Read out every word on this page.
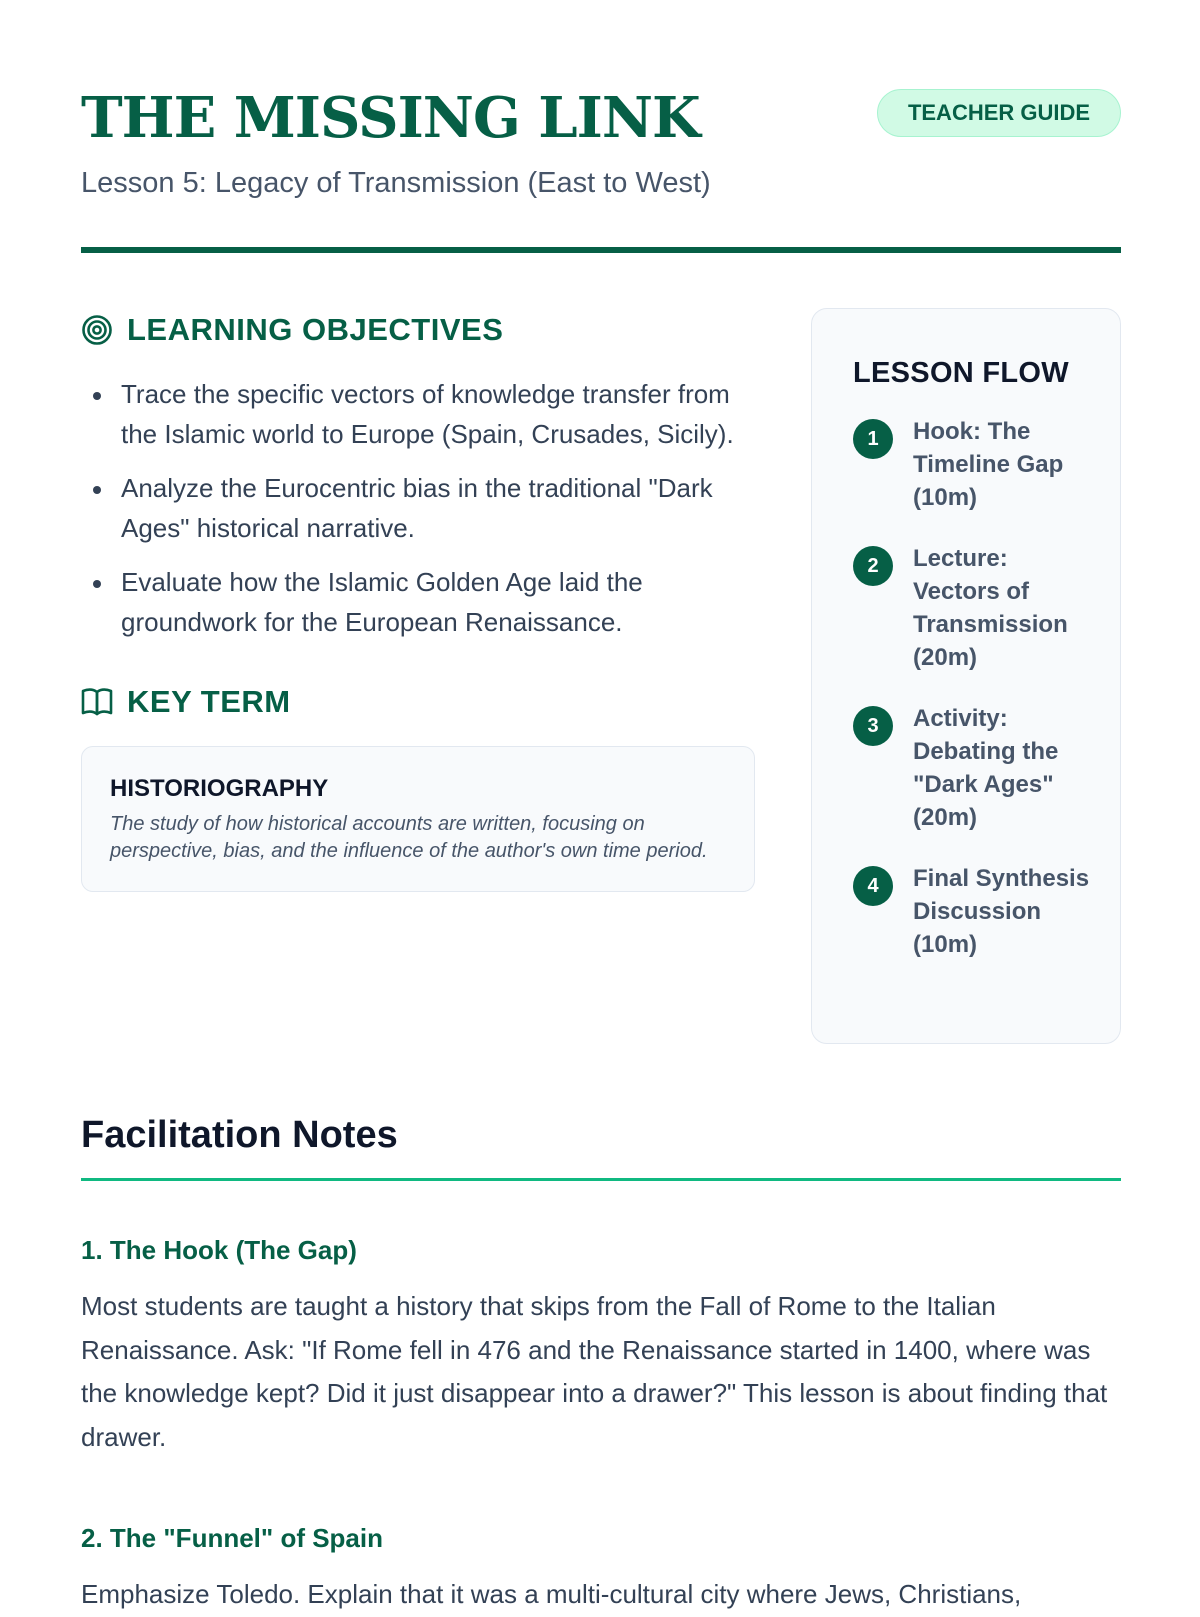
THE MISSING LINK
Lesson 5: Legacy of Transmission (East to West)
TEACHER GUIDE
LEARNING OBJECTIVES
Trace the specific vectors of knowledge transfer from the Islamic world to Europe (Spain, Crusades, Sicily).
Analyze the Eurocentric bias in the traditional "Dark Ages" historical narrative.
Evaluate how the Islamic Golden Age laid the groundwork for the European Renaissance.
KEY TERM
HISTORIOGRAPHY
The study of how historical accounts are written, focusing on perspective, bias, and the influence of the author's own time period.
LESSON FLOW
1	Hook: The Timeline Gap (10m)
2	Lecture: Vectors of Transmission (20m)
3	Activity: Debating the "Dark Ages" (20m)
4	Final Synthesis Discussion (10m)
Facilitation Notes
1. The Hook (The Gap)
Most students are taught a history that skips from the Fall of Rome to the Italian Renaissance. Ask: "If Rome fell in 476 and the Renaissance started in 1400, where was the knowledge kept? Did it just disappear into a drawer?" This lesson is about finding that drawer.
2. The "Funnel" of Spain
Emphasize Toledo. Explain that it was a multi-cultural city where Jews, Christians,
